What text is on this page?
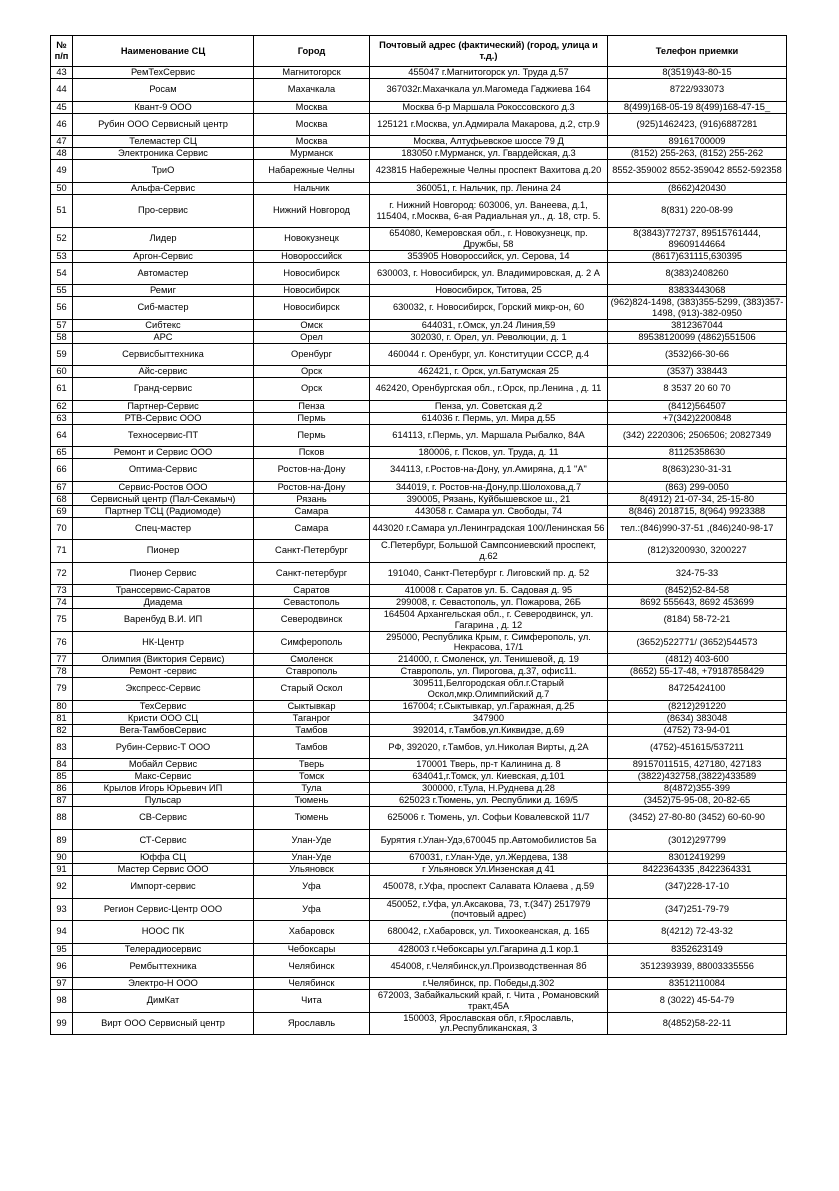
№ п/п	Наименование СЦ	Город	Почтовый адрес (фактический) (город, улица и т.д.)	Телефон приемки
43	РемТехСервис	Магнитогорск	455047 г.Магнитогорск ул. Труда д.57	8(3519)43-80-15
44	Росам	Махачкала	367032г.Махачкала ул.Магомеда Гаджиева 164	8722/933073
45	Квант-9 ООО	Москва	Москва б-р Маршала Рокоссовского д.3	8(499)168-05-19 8(499)168-47-15_
46	Рубин ООО Сервисный центр	Москва	125121 г.Москва, ул.Адмирала Макарова, д.2, стр.9	(925)1462423, (916)6887281
47	Телемастер СЦ	Москва	Москва, Алтуфьевское шоссе 79 Д	89161700009
48	Электроника Сервис	Мурманск	183050 г.Мурманск, ул. Гвардейская, д.3	(8152) 255-263, (8152) 255-262
49	ТриО	Набарежные Челны	423815 Набережные Челны проспект Вахитова д.20	8552-359002 8552-359042 8552-592358
50	Альфа-Сервис	Нальчик	360051, г. Нальчик, пр. Ленина 24	(8662)420430
51	Про-сервис	Нижний Новгород	г. Нижний Новгород: 603006, ул. Ванеева, д.1, 115404, г.Москва, 6-ая Радиальная ул., д. 18, стр. 5.	8(831) 220-08-99
52	Лидер	Новокузнецк	654080, Кемеровская обл., г. Новокузнецк, пр. Дружбы, 58	8(3843)772737, 89515761444, 89609144664
53	Аргон-Сервис	Новороссийск	353905 Новороссийск, ул. Серова, 14	(8617)631115,630395
54	Автомастер	Новосибирск	630003, г. Новосибирск, ул. Владимировская, д. 2 А	8(383)2408260
55	Ремиг	Новосибирск	Новосибирск, Титова, 25	83833443068
56	Сиб-мастер	Новосибирск	630032, г. Новосибирск, Горский микр-он, 60	(962)824-1498, (383)355-5299, (383)357-1498, (913)-382-0950
57	Сибтекс	Омск	644031, г.Омск, ул.24 Линия,59	3812367044
58	АРС	Орел	302030, г. Орел, ул. Революции, д. 1	89538120099 (4862)551506
59	Сервисбыттехника	Оренбург	460044 г. Оренбург, ул. Конституции СССР, д.4	(3532)66-30-66
60	Айс-сервис	Орск	462421, г. Орск, ул.Батумская 25	(3537) 338443
61	Гранд-сервис	Орск	462420, Оренбургская обл., г.Орск, пр.Ленина , д. 11	8 3537 20 60 70
62	Партнер-Сервис	Пенза	Пенза, ул. Советская д.2	(8412)564507
63	РТВ-Сервис ООО	Пермь	614036 г. Пермь, ул. Мира д.55	+7(342)2200848
64	Техносервис-ПТ	Пермь	614113, г.Пермь, ул. Маршала Рыбалко, 84А	(342) 2220306; 2506506; 20827349
65	Ремонт и Сервис ООО	Псков	180006, г. Псков, ул. Труда, д. 11	81125358630
66	Оптима-Сервис	Ростов-на-Дону	344113, г.Ростов-на-Дону, ул.Амиряна, д.1 "А"	8(863)230-31-31
67	Сервис-Ростов ООО	Ростов-на-Дону	344019, г. Ростов-на-Дону,пр.Шолохова,д.7	(863) 299-0050
68	Сервисный центр (Пал-Секамыч)	Рязань	390005, Рязань, Куйбышевское ш., 21	8(4912) 21-07-34, 25-15-80
69	Партнер ТСЦ (Радиомоде)	Самара	443058 г. Самара ул. Свободы, 74	8(846) 2018715, 8(964) 9923388
70	Спец-мастер	Самара	443020 г.Самара ул.Ленинградская 100/Ленинская 56	тел.:(846)990-37-51 ,(846)240-98-17
71	Пионер	Санкт-Петербург	С.Петербург, Большой Сампсониевский проспект, д.62	(812)3200930, 3200227
72	Пионер Сервис	Санкт-петербург	191040, Санкт-Петербург г. Лиговский пр. д. 52	324-75-33
73	Транссервис-Саратов	Саратов	410008 г. Саратов ул. Б. Садовая д. 95	(8452)52-84-58
74	Диадема	Севастополь	299008, г. Севастополь, ул. Пожарова, 26Б	8692 555643, 8692 453699
75	Варенбуд В.И. ИП	Северодвинск	164504 Архангельская обл., г. Северодвинск, ул. Гагарина , д. 12	(8184) 58-72-21
76	НК-Центр	Симферополь	295000, Республика Крым, г. Симферополь, ул. Некрасова, 17/1	(3652)522771/ (3652)544573
77	Олимпия (Виктория Сервис)	Смоленск	214000, г. Смоленск, ул. Тенишевой, д. 19	(4812) 403-600
78	Ремонт -сервис	Ставрополь	Ставрополь, ул. Пирогова, д.37, офис11.	(8652) 55-17-48, +79187858429
79	Экспресс-Сервис	Старый Оскол	309511,Белгородская обл.г.Старый Оскол,мкр.Олимпийский д.7	84725424100
80	ТехСервис	Сыктывкар	167004; г.Сыктывкар, ул.Гаражная, д.25	(8212)291220
81	Кристи ООО СЦ	Таганрог	347900	(8634) 383048
82	Вега-ТамбовСервис	Тамбов	392014, г.Тамбов,ул.Киквидзе, д.69	(4752) 73-94-01
83	Рубин-Сервис-Т ООО	Тамбов	РФ, 392020, г.Тамбов, ул.Николая Вирты, д.2А	(4752)-451615/537211
84	Мобайл Сервис	Тверь	170001 Тверь, пр-т Калинина д. 8	89157011515, 427180, 427183
85	Макс-Сервис	Томск	634041,г.Томск, ул. Киевская, д.101	(3822)432758,(3822)433589
86	Крылов Игорь Юрьевич ИП	Тула	300000, г.Тула, Н.Руднева д.28	8(4872)355-399
87	Пульсар	Тюмень	625023 г.Тюмень, ул. Республики д. 169/5	(3452)75-95-08, 20-82-65
88	СВ-Сервис	Тюмень	625006 г. Тюмень, ул. Софьи Ковалевской 11/7	(3452) 27-80-80 (3452) 60-60-90
89	СТ-Сервис	Улан-Уде	Бурятия г.Улан-Удэ,670045 пр.Автомобилистов 5а	(3012)297799
90	Юффа СЦ	Улан-Уде	670031, г.Улан-Уде, ул.Жердева, 138	83012419299
91	Мастер Сервис ООО	Ульяновск	г Ульяновск Ул.Инзенская д 41	8422364335 ,8422364331
92	Импорт-сервис	Уфа	450078, г.Уфа, проспект Салавата Юлаева , д.59	(347)228-17-10
93	Регион Сервис-Центр ООО	Уфа	450052, г.Уфа, ул.Аксакова, 73, т.(347) 2517979 (почтовый адрес)	(347)251-79-79
94	НООС ПК	Хабаровск	680042, г.Хабаровск, ул. Тихоокеанская, д. 165	8(4212) 72-43-32
95	Телерадиосервис	Чебоксары	428003 г.Чебоксары ул.Гагарина д.1 кор.1	8352623149
96	Рембыттехника	Челябинск	454008, г.Челябинск,ул.Производственная 8б	3512393939, 88003335556
97	Электро-Н ООО	Челябинск	г.Челябинск, пр. Победы,д.302	83512110084
98	ДимКат	Чита	672003, Забайкальский край, г. Чита , Романовский тракт,45А	8 (3022) 45-54-79
99	Вирт ООО Сервисный центр	Ярославль	150003, Ярославская обл, г.Ярославль, ул.Республиканская, 3	8(4852)58-22-11
